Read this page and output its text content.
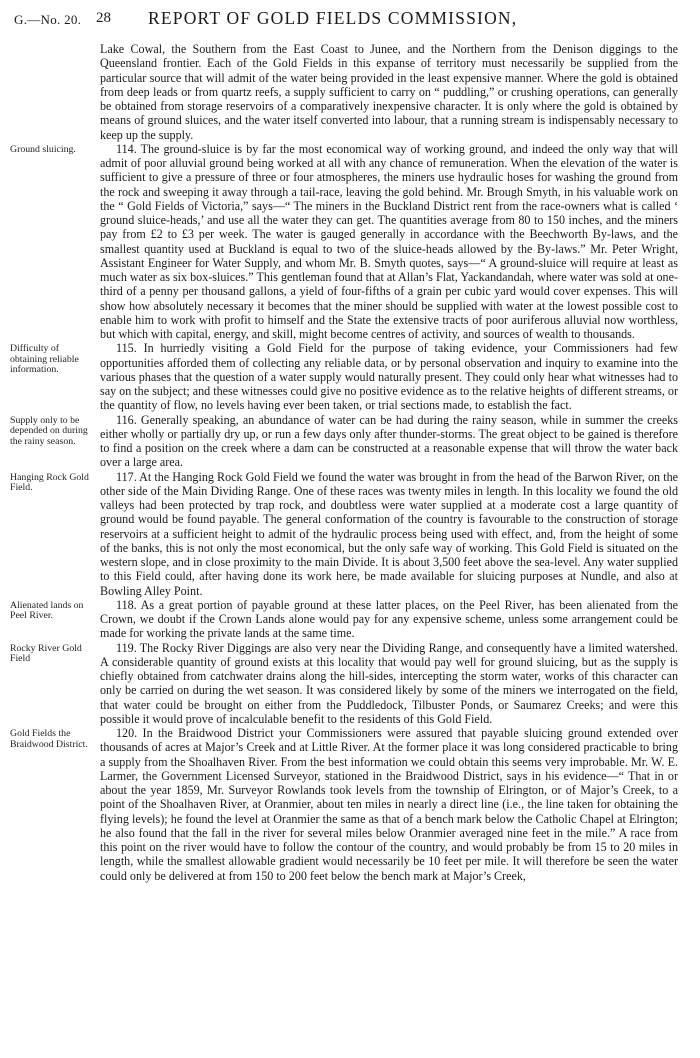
G.—No. 20. 28 REPORT OF GOLD FIELDS COMMISSION,

Lake Cowal, the Southern from the East Coast to Junee, and the Northern from the Denison diggings to the Queensland frontier. Each of the Gold Fields in this expanse of territory must necessarily be supplied from the particular source that will admit of the water being provided in the least expensive manner. Where the gold is obtained from deep leads or from quartz reefs, a supply sufficient to carry on “ puddling,” or crushing operations, can generally be obtained from storage reservoirs of a comparatively inexpensive character. It is only where the gold is obtained by means of ground sluices, and the water itself converted into labour, that a running stream is indispensably necessary to keep up the supply.

Ground sluicing.	114. The ground-sluice is by far the most economical way of working ground, and indeed the only way that will admit of poor alluvial ground being worked at all with any chance of remuneration. When the elevation of the water is sufficient to give a pressure of three or four atmospheres, the miners use hydraulic hoses for washing the ground from the rock and sweeping it away through a tail-race, leaving the gold behind. Mr. Brough Smyth, in his valuable work on the “ Gold Fields of Victoria,” says—“ The miners in the Buckland District rent from the race-owners what is called ‘ ground sluice-heads,’ and use all the water they can get. The quantities average from 80 to 150 inches, and the miners pay from £2 to £3 per week. The water is gauged generally in accordance with the Beechworth By-laws, and the smallest quantity used at Buckland is equal to two of the sluice-heads allowed by the By-laws.” Mr. Peter Wright, Assistant Engineer for Water Supply, and whom Mr. B. Smyth quotes, says—“ A ground-sluice will require at least as much water as six box-sluices.” This gentleman found that at Allan’s Flat, Yackandandah, where water was sold at one-third of a penny per thousand gallons, a yield of four-fifths of a grain per cubic yard would cover expenses. This will show how absolutely necessary it becomes that the miner should be supplied with water at the lowest possible cost to enable him to work with profit to himself and the State the extensive tracts of poor auriferous alluvial now worthless, but which with capital, energy, and skill, might become centres of activity, and sources of wealth to thousands.

Difficulty of obtaining reliable information.

115. In hurriedly visiting a Gold Field for the purpose of taking evidence, your Commissioners had few opportunities afforded them of collecting any reliable data, or by personal observation and inquiry to examine into the various phases that the question of a water supply would naturally present. They could only hear what witnesses had to say on the subject; and these witnesses could give no positive evidence as to the relative heights of different streams, or the quantity of flow, no levels having ever been taken, or trial sections made, to establish the fact.

Supply only to be depended on during the rainy season.

116. Generally speaking, an abundance of water can be had during the rainy season, while in summer the creeks either wholly or partially dry up, or run a few days only after thunder-storms. The great object to be gained is therefore to find a position on the creek where a dam can be constructed at a reasonable expense that will throw the water back over a large area.

Hanging Rock Gold Field.

117. At the Hanging Rock Gold Field we found the water was brought in from the head of the Barwon River, on the other side of the Main Dividing Range. One of these races was twenty miles in length. In this locality we found the old valleys had been protected by trap rock, and doubtless were water supplied at a moderate cost a large quantity of ground would be found payable. The general conformation of the country is favourable to the construction of storage reservoirs at a sufficient height to admit of the hydraulic process being used with effect, and, from the height of some of the banks, this is not only the most economical, but the only safe way of working. This Gold Field is situated on the western slope, and in close proximity to the main Divide. It is about 3,500 feet above the sea-level. Any water supplied to this Field could, after having done its work here, be made available for sluicing purposes at Nundle, and also at Bowling Alley Point.

Alienated lands on Peel River.

118. As a great portion of payable ground at these latter places, on the Peel River, has been alienated from the Crown, we doubt if the Crown Lands alone would pay for any expensive scheme, unless some arrangement could be made for working the private lands at the same time.

Rocky River Gold Field

119. The Rocky River Diggings are also very near the Dividing Range, and consequently have a limited watershed. A considerable quantity of ground exists at this locality that would pay well for ground sluicing, but as the supply is chiefly obtained from catchwater drains along the hill-sides, intercepting the storm water, works of this character can only be carried on during the wet season. It was considered likely by some of the miners we interrogated on the field, that water could be brought on either from the Puddledock, Tilbuster Ponds, or Saumarez Creeks; and were this possible it would prove of incalculable benefit to the residents of this Gold Field.

Gold Fields the Braidwood District.

120. In the Braidwood District your Commissioners were assured that payable sluicing ground extended over thousands of acres at Major’s Creek and at Little River. At the former place it was long considered practicable to bring a supply from the Shoalhaven River. From the best information we could obtain this seems very improbable. Mr. W. E. Larmer, the Government Licensed Surveyor, stationed in the Braidwood District, says in his evidence—“ That in or about the year 1859, Mr. Surveyor Rowlands took levels from the township of Elrington, or of Major’s Creek, to a point of the Shoalhaven River, at Oranmier, about ten miles in nearly a direct line (i.e., the line taken for obtaining the flying levels); he found the level at Oranmier the same as that of a bench mark below the Catholic Chapel at Elrington; he also found that the fall in the river for several miles below Oranmier averaged nine feet in the mile.” A race from this point on the river would have to follow the contour of the country, and would probably be from 15 to 20 miles in length, while the smallest allowable gradient would necessarily be 10 feet per mile. It will therefore be seen the water could only be delivered at from 150 to 200 feet below the bench mark at Major’s Creek,
